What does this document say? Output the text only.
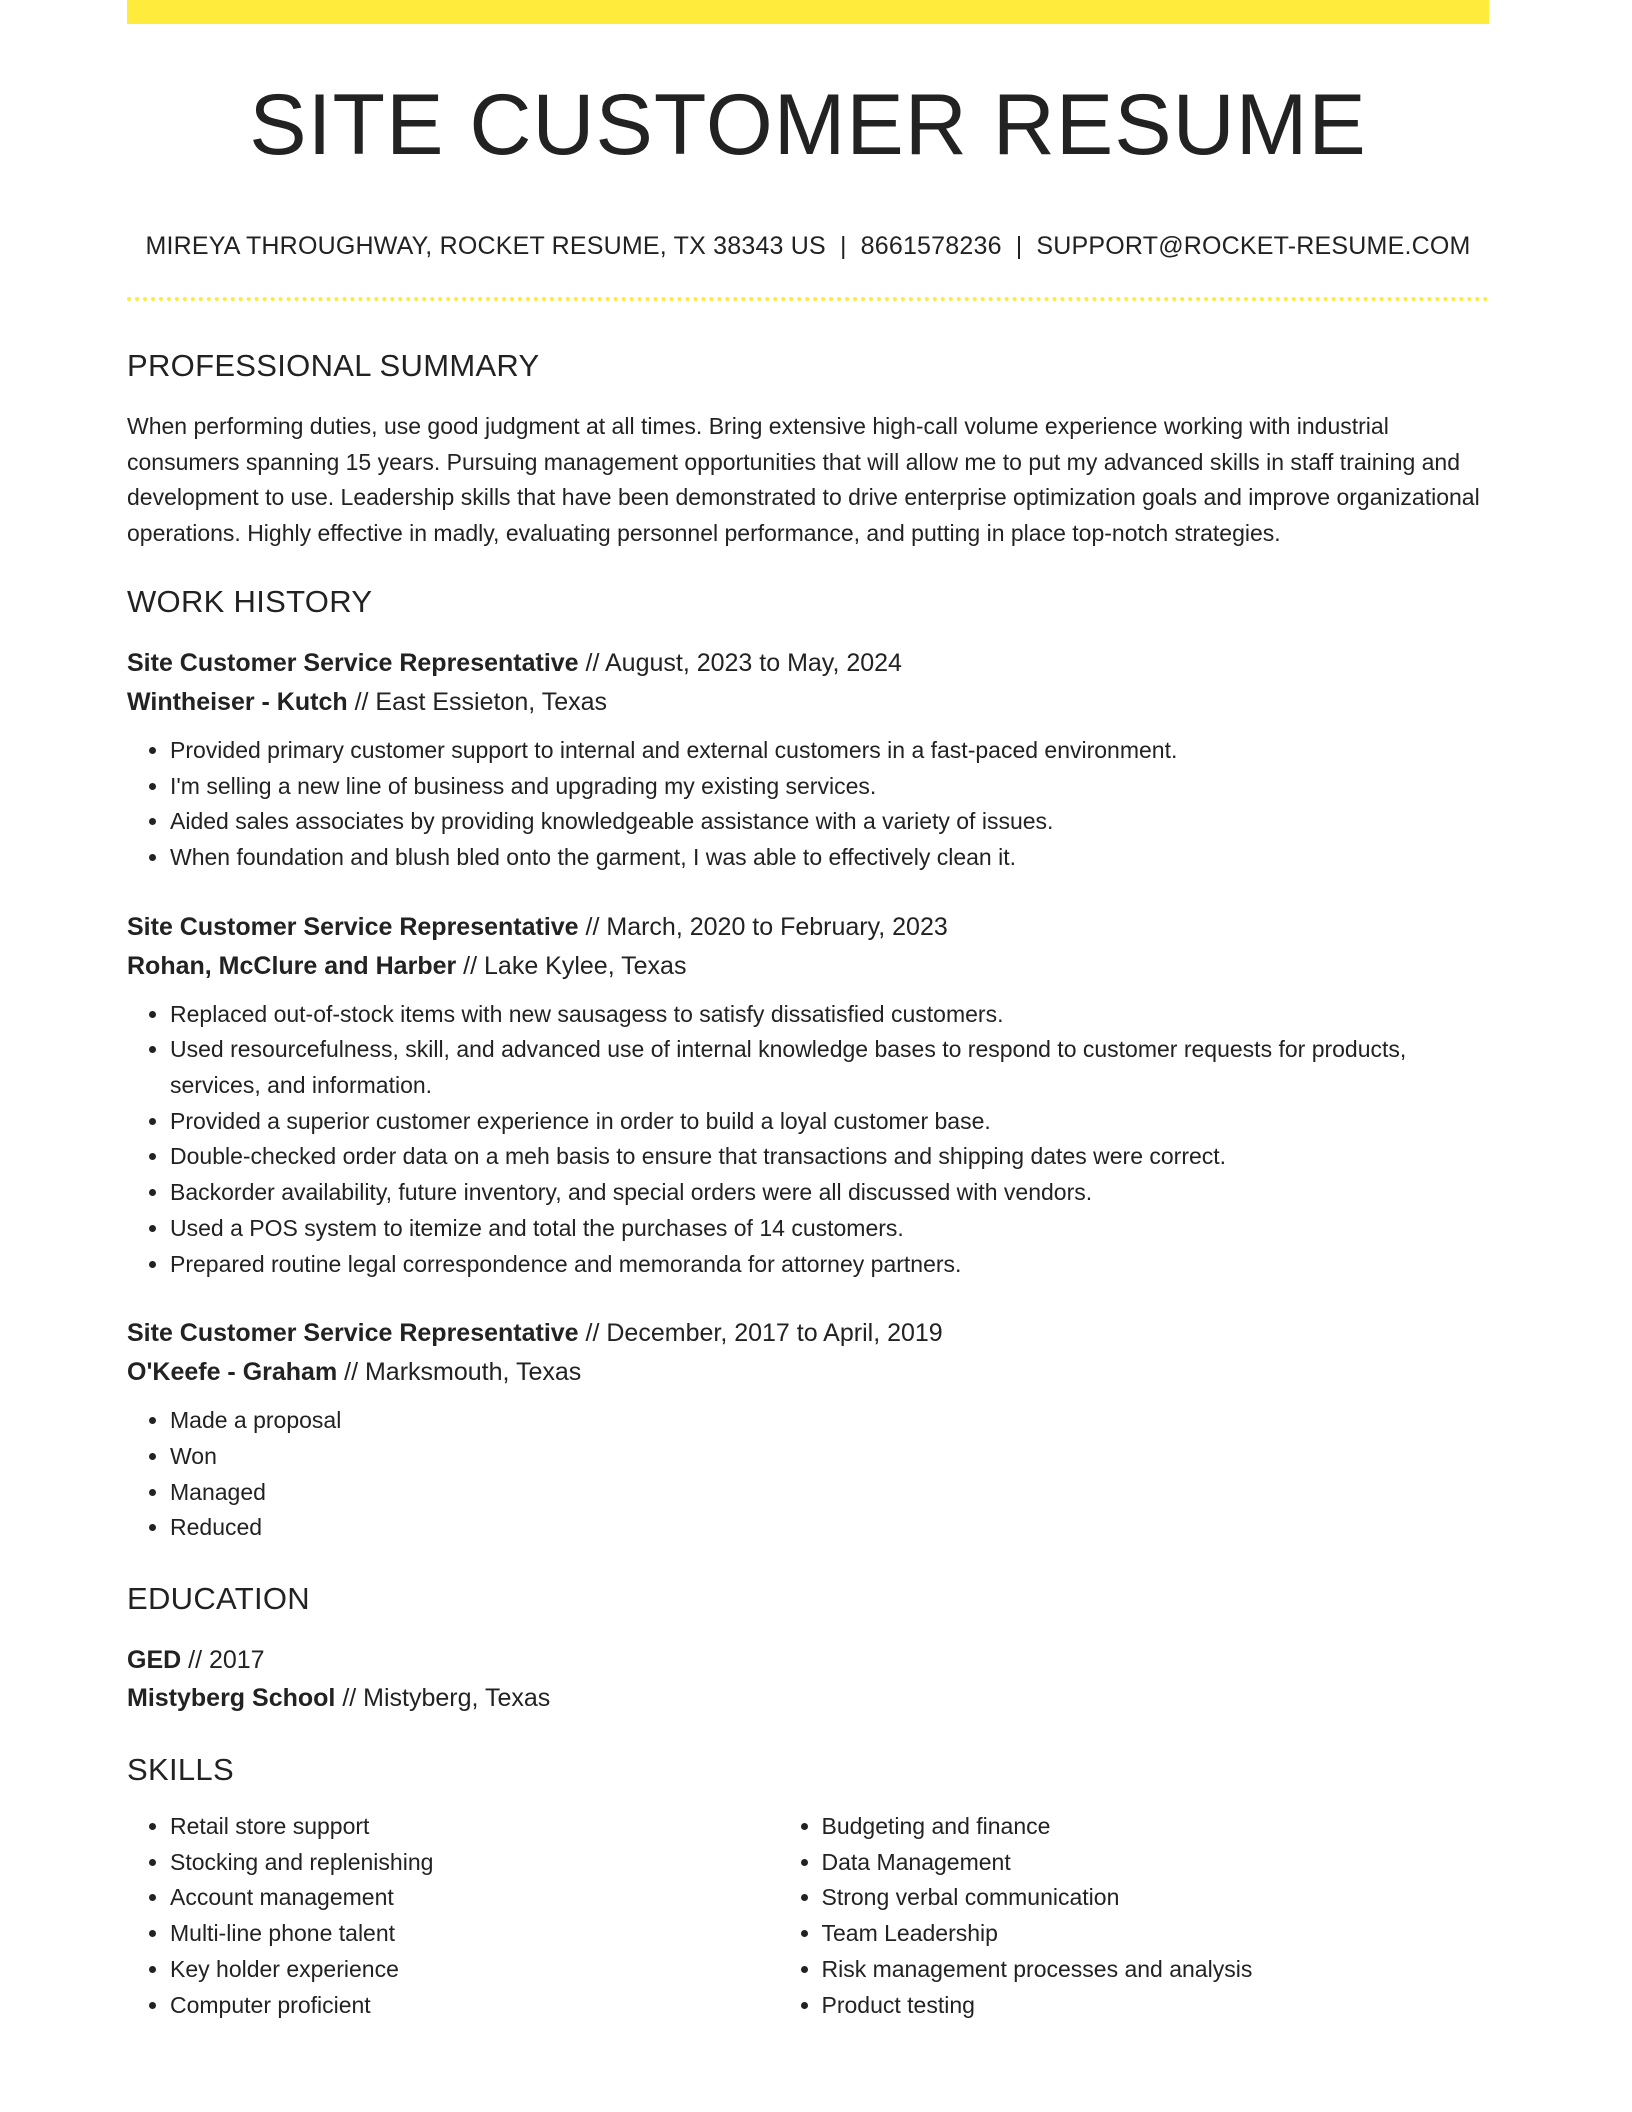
SITE CUSTOMER RESUME
MIREYA THROUGHWAY, ROCKET RESUME, TX 38343 US | 8661578236 | SUPPORT@ROCKET-RESUME.COM
PROFESSIONAL SUMMARY
When performing duties, use good judgment at all times. Bring extensive high-call volume experience working with industrial consumers spanning 15 years. Pursuing management opportunities that will allow me to put my advanced skills in staff training and development to use. Leadership skills that have been demonstrated to drive enterprise optimization goals and improve organizational operations. Highly effective in madly, evaluating personnel performance, and putting in place top-notch strategies.
WORK HISTORY
Site Customer Service Representative // August, 2023 to May, 2024
Wintheiser - Kutch // East Essieton, Texas
• Provided primary customer support to internal and external customers in a fast-paced environment.
• I'm selling a new line of business and upgrading my existing services.
• Aided sales associates by providing knowledgeable assistance with a variety of issues.
• When foundation and blush bled onto the garment, I was able to effectively clean it.
Site Customer Service Representative // March, 2020 to February, 2023
Rohan, McClure and Harber // Lake Kylee, Texas
• Replaced out-of-stock items with new sausagess to satisfy dissatisfied customers.
• Used resourcefulness, skill, and advanced use of internal knowledge bases to respond to customer requests for products, services, and information.
• Provided a superior customer experience in order to build a loyal customer base.
• Double-checked order data on a meh basis to ensure that transactions and shipping dates were correct.
• Backorder availability, future inventory, and special orders were all discussed with vendors.
• Used a POS system to itemize and total the purchases of 14 customers.
• Prepared routine legal correspondence and memoranda for attorney partners.
Site Customer Service Representative // December, 2017 to April, 2019
O'Keefe - Graham // Marksmouth, Texas
• Made a proposal
• Won
• Managed
• Reduced
EDUCATION
GED // 2017
Mistyberg School // Mistyberg, Texas
SKILLS
• Retail store support
• Stocking and replenishing
• Account management
• Multi-line phone talent
• Key holder experience
• Computer proficient
• Budgeting and finance
• Data Management
• Strong verbal communication
• Team Leadership
• Risk management processes and analysis
• Product testing
